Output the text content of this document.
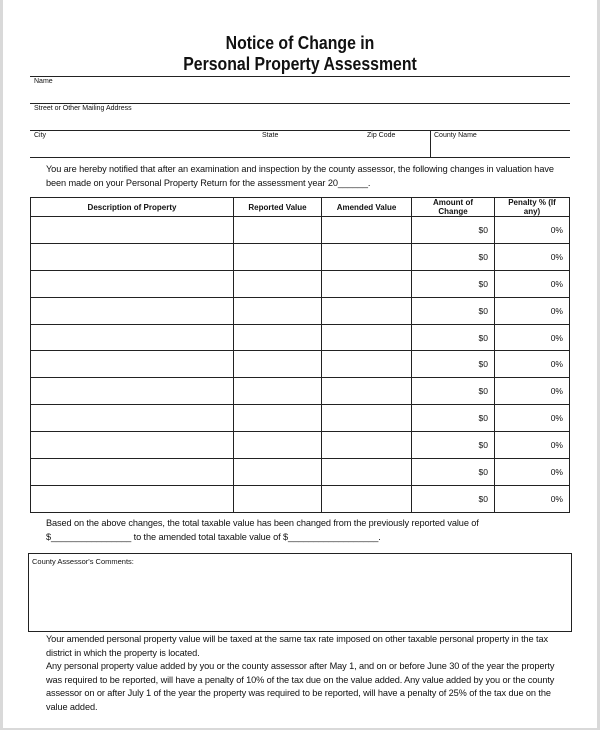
Notice of Change in
Personal Property Assessment
Name
Street or Other Mailing Address
City	State	Zip Code	County Name
You are hereby notified that after an examination and inspection by the county assessor, the following changes in valuation have been made on your Personal Property Return for the assessment year 20______.
Description of Property	Reported Value	Amended Value	Amount of Change	Penalty % (If any)
			$0	0%
			$0	0%
			$0	0%
			$0	0%
			$0	0%
			$0	0%
			$0	0%
			$0	0%
			$0	0%
			$0	0%
			$0	0%
Based on the above changes, the total taxable value has been changed from the previously reported value of $________________ to the amended total taxable value of $__________________.
County Assessor's Comments:
Your amended personal property value will be taxed at the same tax rate imposed on other taxable personal property in the tax district in which the property is located.
Any personal property value added by you or the county assessor after May 1, and on or before June 30 of the year the property was required to be reported, will have a penalty of 10% of the tax due on the value added. Any value added by you or the county assessor on or after July 1 of the year the property was required to be reported, will have a penalty of 25% of the tax due on the value added.
